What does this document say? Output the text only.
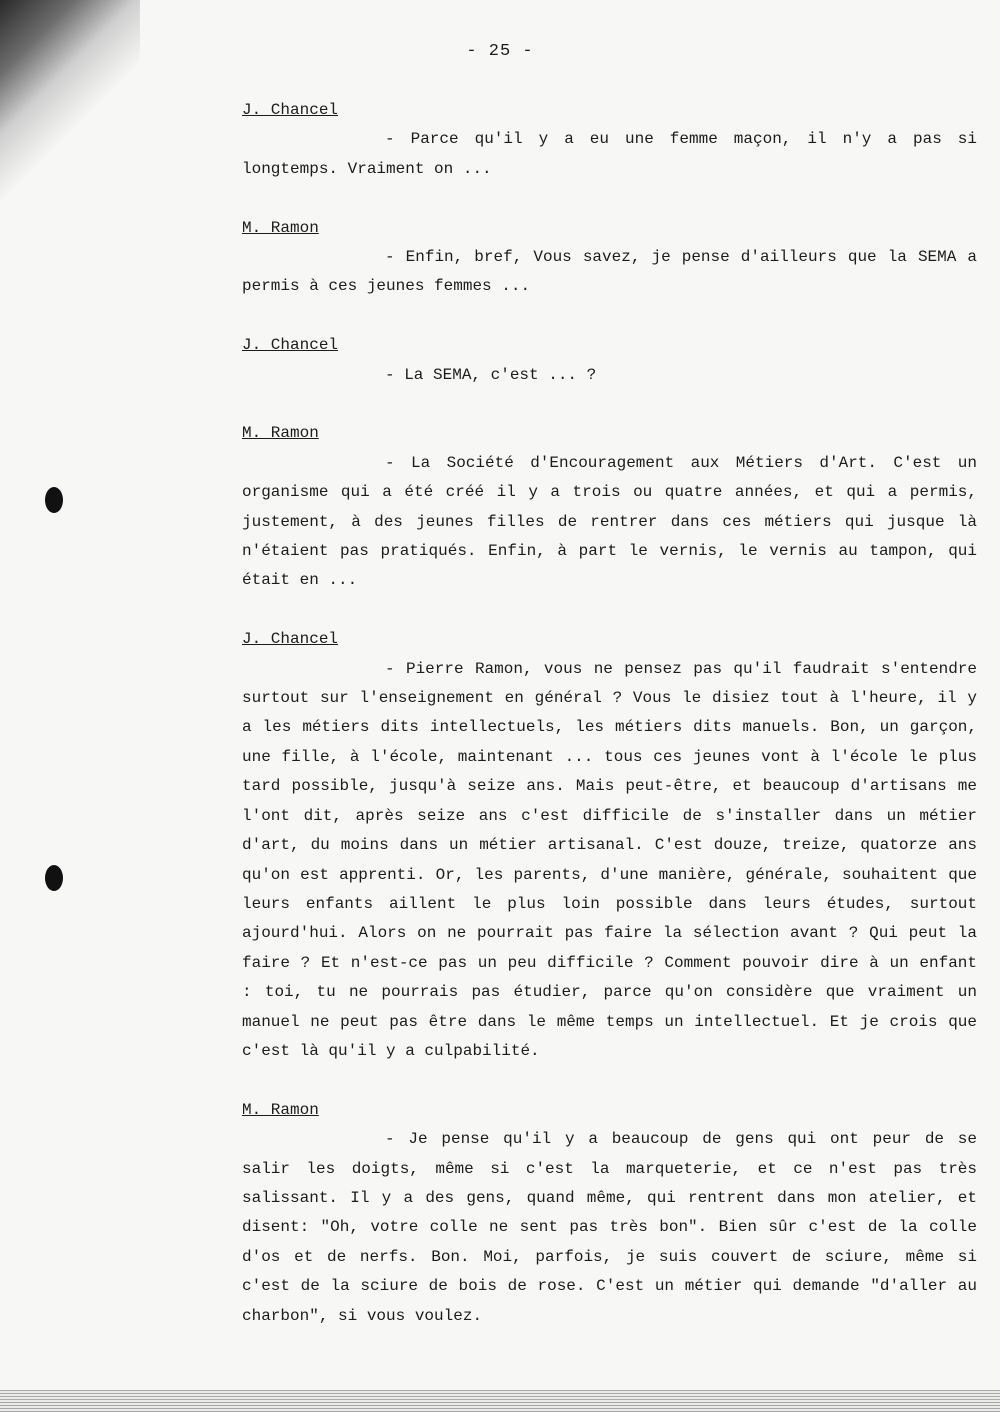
- 25 -
J. Chancel

- Parce qu'il y a eu une femme maçon, il n'y a pas si longtemps. Vraiment on ...

M. Ramon

- Enfin, bref, Vous savez, je pense d'ailleurs que la SEMA a permis à ces jeunes femmes ...

J. Chancel

- La SEMA, c'est ... ?

M. Ramon

- La Société d'Encouragement aux Métiers d'Art. C'est un organisme qui a été créé il y a trois ou quatre années, et qui a permis, justement, à des jeunes filles de rentrer dans ces métiers qui jusque là n'étaient pas pratiqués. Enfin, à part le vernis, le vernis au tampon, qui était en ...

J. Chancel

- Pierre Ramon, vous ne pensez pas qu'il faudrait s'entendre surtout sur l'enseignement en général ? Vous le disiez tout à l'heure, il y a les métiers dits intellectuels, les métiers dits manuels. Bon, un garçon, une fille, à l'école, maintenant ... tous ces jeunes vont à l'école le plus tard possible, jusqu'à seize ans. Mais peut-être, et beaucoup d'artisans me l'ont dit, après seize ans c'est difficile de s'installer dans un métier d'art, du moins dans un métier artisanal. C'est douze, treize, quatorze ans qu'on est apprenti. Or, les parents, d'une manière, générale, souhaitent que leurs enfants aillent le plus loin possible dans leurs études, surtout ajourd'hui. Alors on ne pourrait pas faire la sélection avant ? Qui peut la faire ? Et n'est-ce pas un peu difficile ? Comment pouvoir dire à un enfant : toi, tu ne pourrais pas étudier, parce qu'on considère que vraiment un manuel ne peut pas être dans le même temps un intellectuel. Et je crois que c'est là qu'il y a culpabilité.

M. Ramon

- Je pense qu'il y a beaucoup de gens qui ont peur de se salir les doigts, même si c'est la marqueterie, et ce n'est pas très salissant. Il y a des gens, quand même, qui rentrent dans mon atelier, et disent: "Oh, votre colle ne sent pas très bon". Bien sûr c'est de la colle d'os et de nerfs. Bon. Moi, parfois, je suis couvert de sciure, même si c'est de la sciure de bois de rose. C'est un métier qui demande "d'aller au charbon", si vous voulez.
